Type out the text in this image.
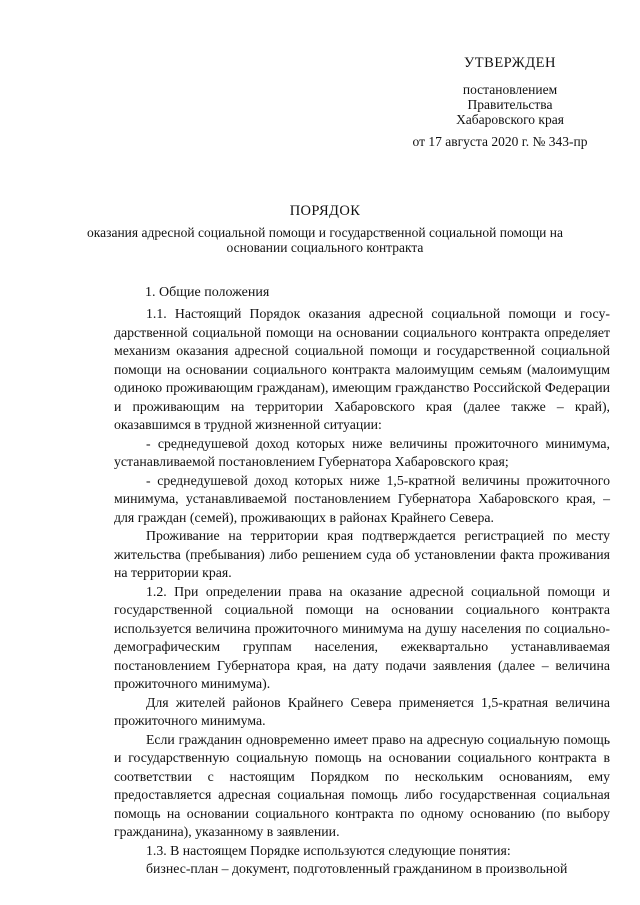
УТВЕРЖДЕН
постановлением
Правительства
Хабаровского края
от 17 августа 2020 г. № 343-пр
ПОРЯДОК
оказания адресной социальной помощи и государственной социальной помощи на основании социального контракта
1. Общие положения

1.1. Настоящий Порядок оказания адресной социальной помощи и государственной социальной помощи на основании социального контракта определяет механизм оказания адресной социальной помощи и государственной социальной помощи на основании социального контракта малоимущим семьям (малоимущим одиноко проживающим гражданам), имеющим гражданство Российской Федерации и проживающим на территории Хабаровского края (далее также – край), оказавшимся в трудной жизненной ситуации:

- среднедушевой доход которых ниже величины прожиточного минимума, устанавливаемой постановлением Губернатора Хабаровского края;

- среднедушевой доход которых ниже 1,5-кратной величины прожиточного минимума, устанавливаемой постановлением Губернатора Хабаровского края, – для граждан (семей), проживающих в районах Крайнего Севера.

Проживание на территории края подтверждается регистрацией по месту жительства (пребывания) либо решением суда об установлении факта проживания на территории края.

1.2. При определении права на оказание адресной социальной помощи и государственной социальной помощи на основании социального контракта используется величина прожиточного минимума на душу населения по социально-демографическим группам населения, ежеквартально устанавливаемая постановлением Губернатора края, на дату подачи заявления (далее – величина прожиточного минимума).

Для жителей районов Крайнего Севера применяется 1,5-кратная величина прожиточного минимума.

Если гражданин одновременно имеет право на адресную социальную помощь и государственную социальную помощь на основании социального контракта в соответствии с настоящим Порядком по нескольким основаниям, ему предоставляется адресная социальная помощь либо государственная социальная помощь на основании социального контракта по одному основанию (по выбору гражданина), указанному в заявлении.

1.3. В настоящем Порядке используются следующие понятия:

бизнес-план – документ, подготовленный гражданином в произвольной
